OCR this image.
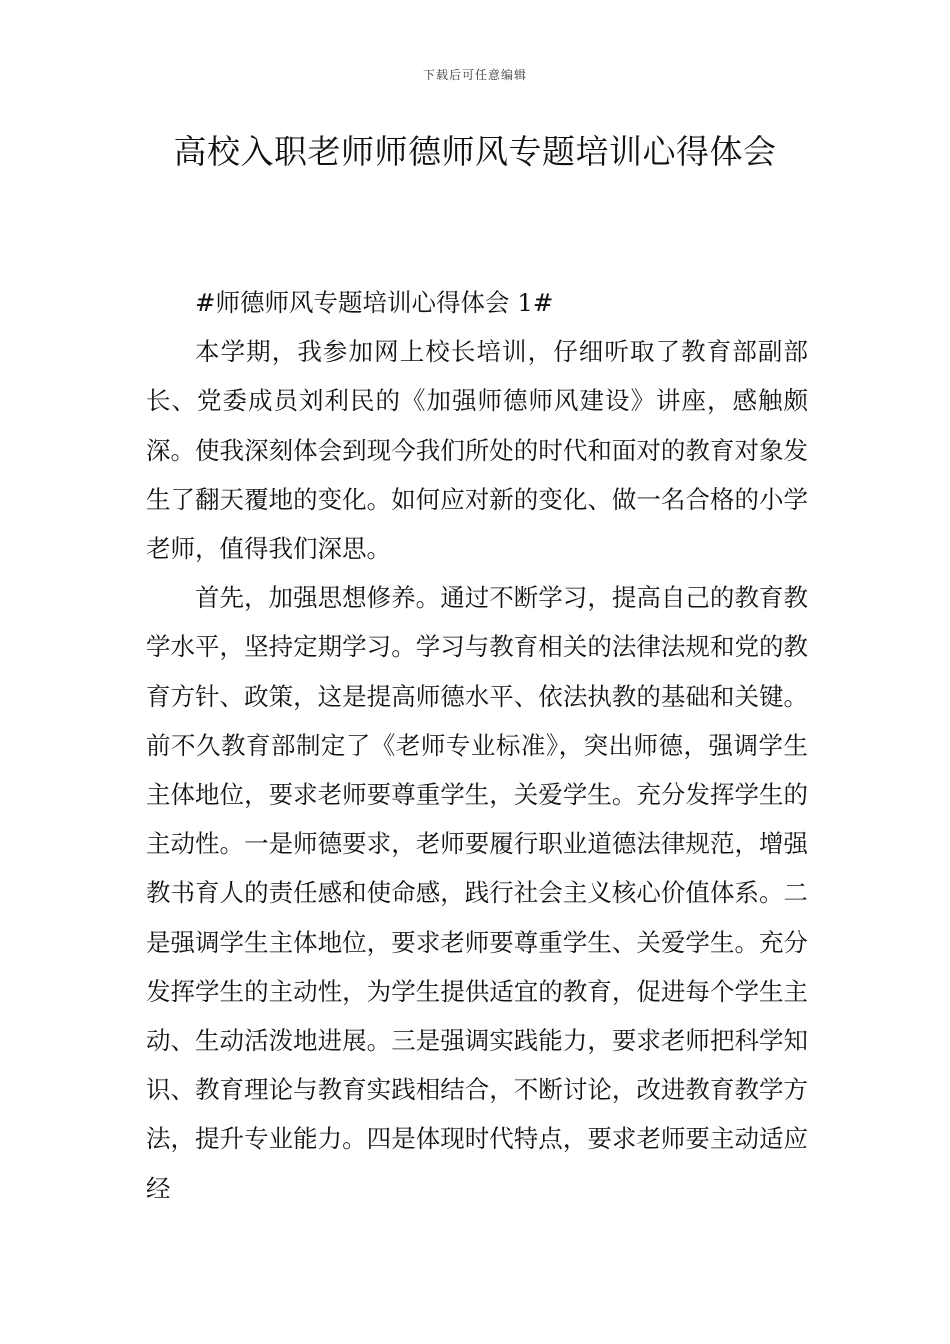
下载后可任意编辑
高校入职老师师德师风专题培训心得体会

#师德师风专题培训心得体会 1#

本学期，我参加网上校长培训，仔细听取了教育部副部长、党委成员刘利民的《加强师德师风建设》讲座，感触颇深。使我深刻体会到现今我们所处的时代和面对的教育对象发生了翻天覆地的变化。如何应对新的变化、做一名合格的小学老师，值得我们深思。

首先，加强思想修养。通过不断学习，提高自己的教育教学水平，坚持定期学习。学习与教育相关的法律法规和党的教育方针、政策，这是提高师德水平、依法执教的基础和关键。前不久教育部制定了《老师专业标准》，突出师德，强调学生主体地位，要求老师要尊重学生，关爱学生。充分发挥学生的主动性。一是师德要求，老师要履行职业道德法律规范，增强教书育人的责任感和使命感，践行社会主义核心价值体系。二是强调学生主体地位，要求老师要尊重学生、关爱学生。充分发挥学生的主动性，为学生提供适宜的教育，促进每个学生主动、生动活泼地进展。三是强调实践能力，要求老师把科学知识、教育理论与教育实践相结合，不断讨论，改进教育教学方法，提升专业能力。四是体现时代特点，要求老师要主动适应经
